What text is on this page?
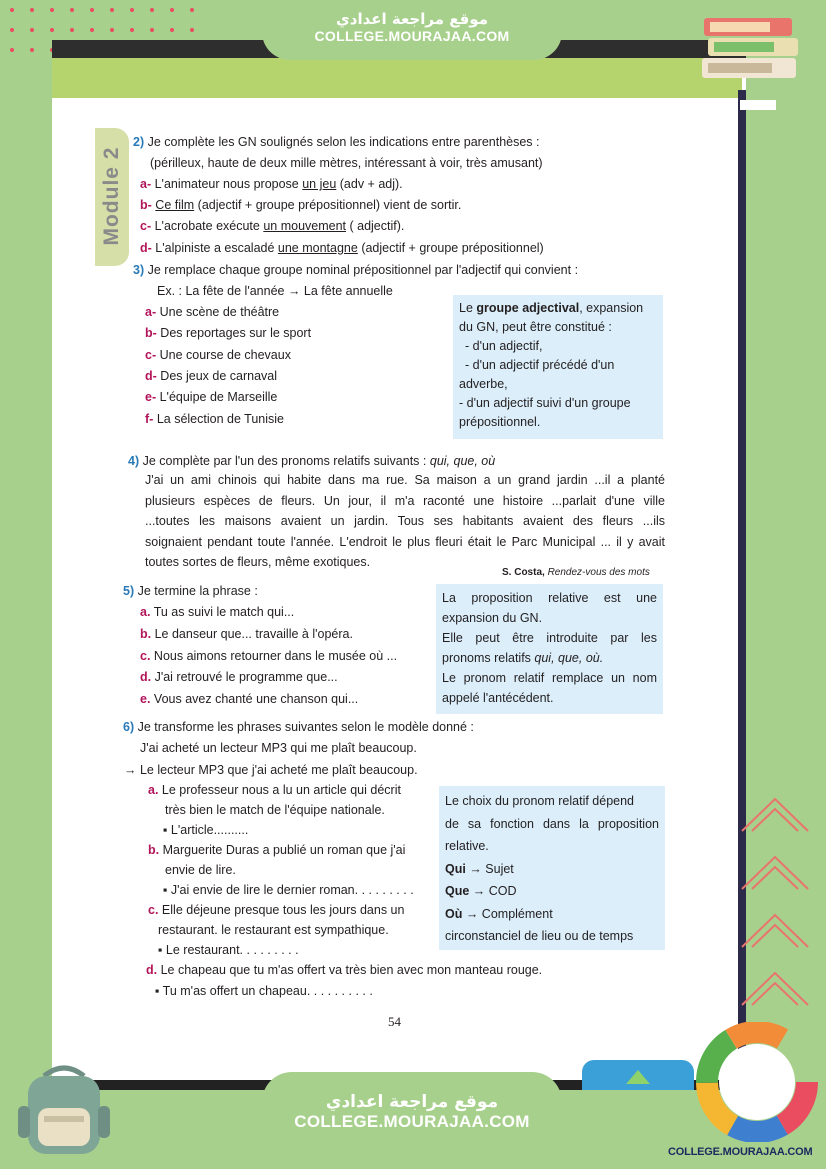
موقع مراجعة اعدادي
COLLEGE.MOURAJAA.COM
Module 2
2) Je complète les GN soulignés selon les indications entre parenthèses :
(périlleux, haute de deux mille mètres, intéressant à voir, très amusant)
a- L'animateur nous propose un jeu (adv + adj).
b- Ce film (adjectif + groupe prépositionnel) vient de sortir.
c- L'acrobate exécute un mouvement ( adjectif).
d- L'alpiniste a escaladé une montagne (adjectif + groupe prépositionnel)
3) Je remplace chaque groupe nominal prépositionnel par l'adjectif qui convient :
Ex. : La fête de l'année → La fête annuelle
a- Une scène de théâtre
b- Des reportages sur le sport
c- Une course de chevaux
d- Des jeux de carnaval
e- L'équipe de Marseille
f- La sélection de Tunisie
Le groupe adjectival, expansion
du GN, peut être constitué :
- d'un adjectif,
- d'un adjectif précédé d'un
adverbe,
- d'un adjectif suivi d'un groupe
prépositionnel.
4) Je complète par l'un des pronoms relatifs suivants : qui, que, où
J'ai un ami chinois qui habite dans ma rue. Sa maison a un grand jardin ...il a planté
plusieurs espèces de fleurs. Un jour, il m'a raconté une histoire ...parlait d'une ville
...toutes les maisons avaient un jardin. Tous ses habitants avaient des fleurs ...ils
soignaient pendant toute l'année. L'endroit le plus fleuri était le Parc Municipal ... il y avait
toutes sortes de fleurs, même exotiques.
S. Costa, Rendez-vous des mots
5) Je termine la phrase :
a. Tu as suivi le match qui...
b. Le danseur que... travaille à l'opéra.
c. Nous aimons retourner dans le musée où ...
d. J'ai retrouvé le programme que...
e. Vous avez chanté une chanson qui...
La proposition relative est une
expansion du GN.
Elle peut être introduite par les
pronoms relatifs qui, que, où.
Le pronom relatif remplace un nom
appelé l'antécédent.
6) Je transforme les phrases suivantes selon le modèle donné :
J'ai acheté un lecteur MP3 qui me plaît beaucoup.
→ Le lecteur MP3 que j'ai acheté me plaît beaucoup.
a. Le professeur nous a lu un article qui décrit
très bien le match de l'équipe nationale.
▪ L'article..........
b. Marguerite Duras a publié un roman que j'ai
envie de lire.
▪ J'ai envie de lire le dernier roman. . . . . . . . .
c. Elle déjeune presque tous les jours dans un
restaurant. le restaurant est sympathique.
▪ Le restaurant. . . . . . . . .
d. Le chapeau que tu m'as offert va très bien avec mon manteau rouge.
▪ Tu m'as offert un chapeau. . . . . . . . . .
Le choix du pronom relatif dépend
de sa fonction dans la proposition
relative.
Qui → Sujet
Que → COD
Où → Complément
circonstanciel de lieu ou de temps
54
موقع مراجعة اعدادي
COLLEGE.MOURAJAA.COM
COLLEGE.MOURAJAA.COM
